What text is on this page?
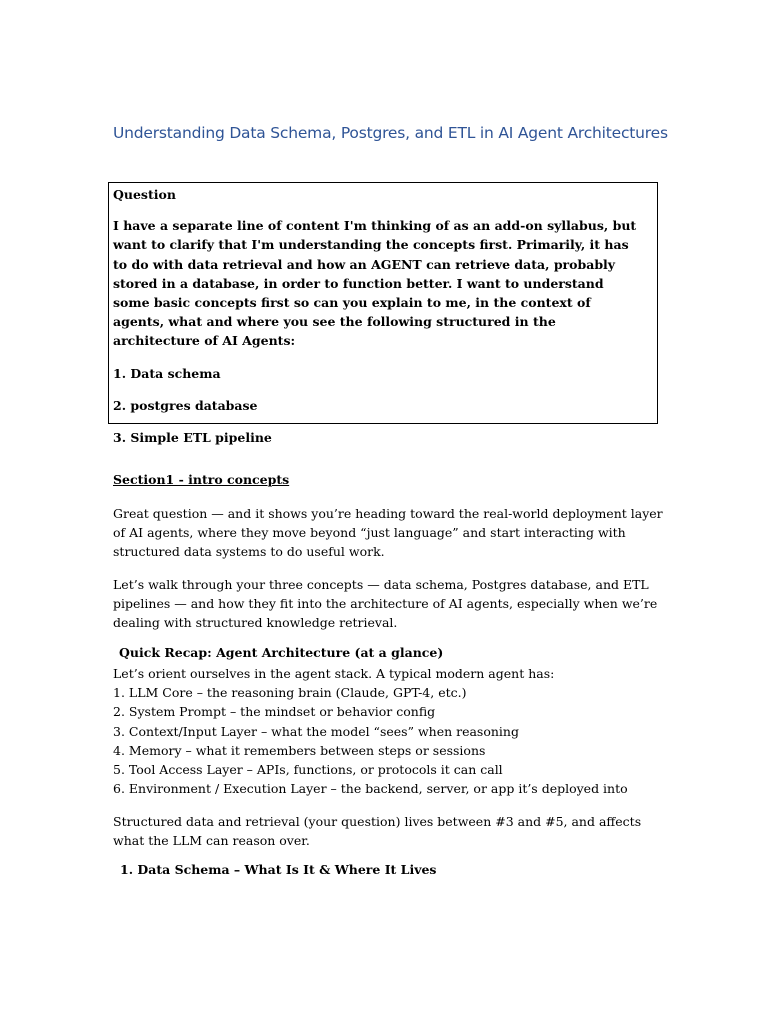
Understanding Data Schema, Postgres, and ETL in AI Agent Architectures

Question

I have a separate line of content I'm thinking of as an add-on syllabus, but want to clarify that I'm understanding the concepts first. Primarily, it has to do with data retrieval and how an AGENT can retrieve data, probably stored in a database, in order to function better. I want to understand some basic concepts first so can you explain to me, in the context of agents, what and where you see the following structured in the architecture of AI Agents:

1. Data schema

2. postgres database

3. Simple ETL pipeline

Section1 - intro concepts
Great question — and it shows you’re heading toward the real-world deployment layer of AI agents, where they move beyond “just language” and start interacting with structured data systems to do useful work.
Let’s walk through your three concepts — data schema, Postgres database, and ETL pipelines — and how they fit into the architecture of AI agents, especially when we’re dealing with structured knowledge retrieval.
Quick Recap: Agent Architecture (at a glance)
Let’s orient ourselves in the agent stack. A typical modern agent has:
1. LLM Core – the reasoning brain (Claude, GPT-4, etc.)
2. System Prompt – the mindset or behavior config
3. Context/Input Layer – what the model “sees” when reasoning
4. Memory – what it remembers between steps or sessions
5. Tool Access Layer – APIs, functions, or protocols it can call
6. Environment / Execution Layer – the backend, server, or app it’s deployed into
Structured data and retrieval (your question) lives between #3 and #5, and affects what the LLM can reason over.
1. Data Schema – What Is It & Where It Lives
